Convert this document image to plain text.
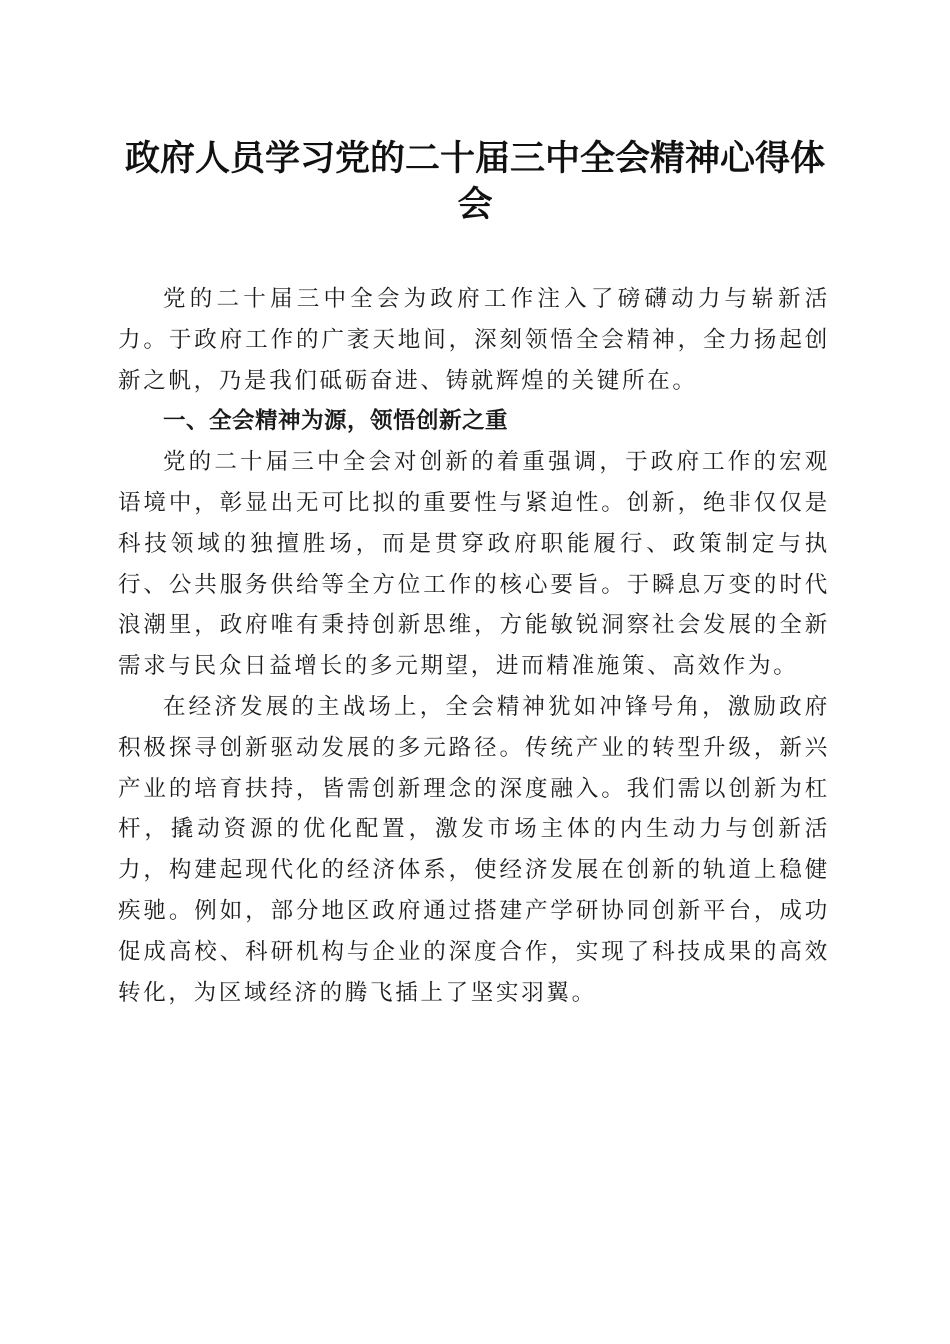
政府人员学习党的二十届三中全会精神心得体会

党的二十届三中全会为政府工作注入了磅礴动力与崭新活力。于政府工作的广袤天地间，深刻领悟全会精神，全力扬起创新之帆，乃是我们砥砺奋进、铸就辉煌的关键所在。

一、全会精神为源，领悟创新之重

党的二十届三中全会对创新的着重强调，于政府工作的宏观语境中，彰显出无可比拟的重要性与紧迫性。创新，绝非仅仅是科技领域的独擅胜场，而是贯穿政府职能履行、政策制定与执行、公共服务供给等全方位工作的核心要旨。于瞬息万变的时代浪潮里，政府唯有秉持创新思维，方能敏锐洞察社会发展的全新需求与民众日益增长的多元期望，进而精准施策、高效作为。

在经济发展的主战场上，全会精神犹如冲锋号角，激励政府积极探寻创新驱动发展的多元路径。传统产业的转型升级，新兴产业的培育扶持，皆需创新理念的深度融入。我们需以创新为杠杆，撬动资源的优化配置，激发市场主体的内生动力与创新活力，构建起现代化的经济体系，使经济发展在创新的轨道上稳健疾驰。例如，部分地区政府通过搭建产学研协同创新平台，成功促成高校、科研机构与企业的深度合作，实现了科技成果的高效转化，为区域经济的腾飞插上了坚实羽翼。
